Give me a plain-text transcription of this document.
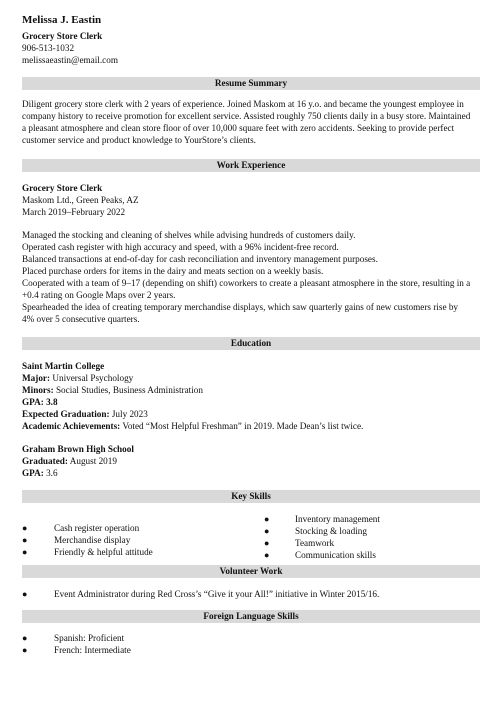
Melissa J. Eastin
Grocery Store Clerk
906-513-1032
melissaeastin@email.com
Resume Summary
Diligent grocery store clerk with 2 years of experience. Joined Maskom at 16 y.o. and became the youngest employee in
company history to receive promotion for excellent service. Assisted roughly 750 clients daily in a busy store. Maintained
a pleasant atmosphere and clean store floor of over 10,000 square feet with zero accidents. Seeking to provide perfect
customer service and product knowledge to YourStore’s clients.
Work Experience
Grocery Store Clerk
Maskom Ltd., Green Peaks, AZ
March 2019–February 2022
Managed the stocking and cleaning of shelves while advising hundreds of customers daily.
Operated cash register with high accuracy and speed, with a 96% incident-free record.
Balanced transactions at end-of-day for cash reconciliation and inventory management purposes.
Placed purchase orders for items in the dairy and meats section on a weekly basis.
Cooperated with a team of 9–17 (depending on shift) coworkers to create a pleasant atmosphere in the store, resulting in a
+0.4 rating on Google Maps over 2 years.
Spearheaded the idea of creating temporary merchandise displays, which saw quarterly gains of new customers rise by
4% over 5 consecutive quarters.
Education
Saint Martin College
Major: Universal Psychology
Minors: Social Studies, Business Administration
GPA: 3.8
Expected Graduation: July 2023
Academic Achievements: Voted “Most Helpful Freshman” in 2019. Made Dean’s list twice.
Graham Brown High School
Graduated: August 2019
GPA: 3.6
Key Skills
●	Cash register operation
●	Merchandise display
●	Friendly & helpful attitude
●	Inventory management
●	Stocking & loading
●	Teamwork
●	Communication skills
Volunteer Work
●	Event Administrator during Red Cross’s “Give it your All!” initiative in Winter 2015/16.
Foreign Language Skills
●	Spanish: Proficient
●	French: Intermediate
